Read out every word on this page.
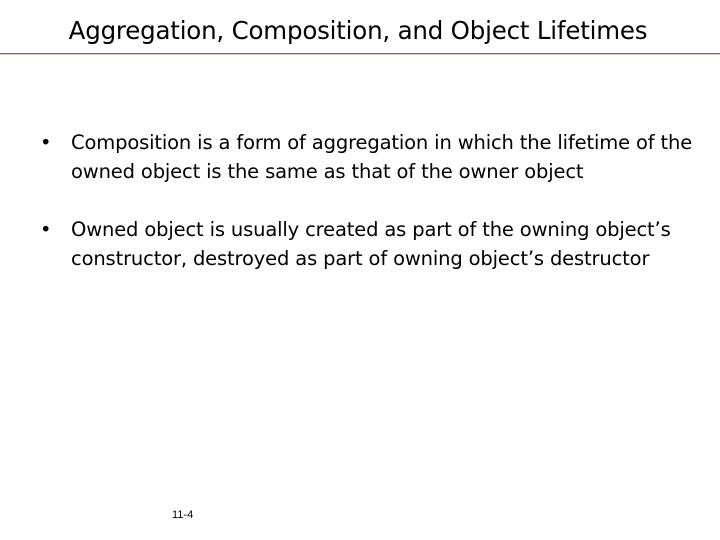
Aggregation, Composition, and Object Lifetimes
• Composition is a form of aggregation in which the lifetime of the owned object is the same as that of the owner object
• Owned object is usually created as part of the owning object’s constructor, destroyed as part of owning object’s destructor
11-4
